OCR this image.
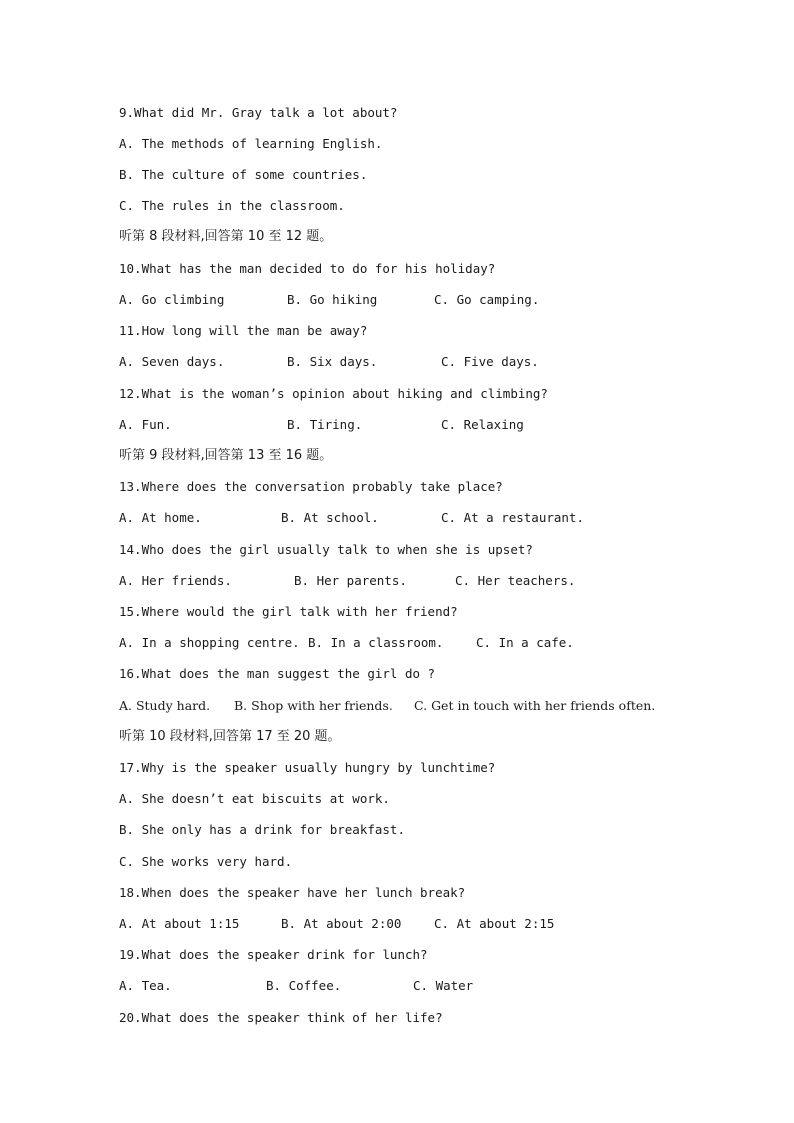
9.What did Mr. Gray talk a lot about?
A. The methods of learning English.
B. The culture of some countries.
C. The rules in the classroom.
听第 8 段材料,回答第 10 至 12 题。
10.What has the man decided to do for his holiday?
A. Go climbing	B. Go hiking	C. Go camping.
11.How long will the man be away?
A. Seven days.	B. Six days.	C. Five days.
12.What is the woman’s opinion about hiking and climbing?
A. Fun.	B. Tiring.	C. Relaxing
听第 9 段材料,回答第 13 至 16 题。
13.Where does the conversation probably take place?
A. At home.	B. At school.	C. At a restaurant.
14.Who does the girl usually talk to when she is upset?
A. Her friends.	B. Her parents.	C. Her teachers.
15.Where would the girl talk with her friend?
A. In a shopping centre. B. In a classroom.	C. In a cafe.
16.What does the man suggest the girl do ?
A. Study hard. B. Shop with her friends. C. Get in touch with her friends often.
听第 10 段材料,回答第 17 至 20 题。
17.Why is the speaker usually hungry by lunchtime?
A. She doesn’t eat biscuits at work.
B. She only has a drink for breakfast.
C. She works very hard.
18.When does the speaker have her lunch break?
A. At about 1:15	B. At about 2:00	C. At about 2:15
19.What does the speaker drink for lunch?
A. Tea.	B. Coffee.	C. Water
20.What does the speaker think of her life?
